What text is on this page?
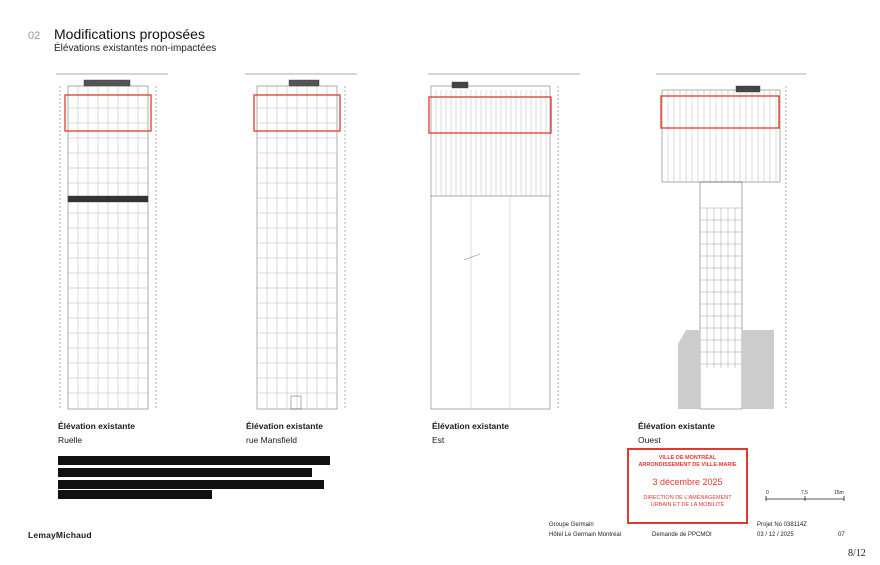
02 Modifications proposées
Élévations existantes non-impactées
Élévation existante
Ruelle
Élévation existante
rue Mansfield
Élévation existante
Est
Élévation existante
Ouest
VILLE DE MONTRÉAL
ARRONDISSEMENT DE VILLE-MARIE
3 décembre 2025
DIRECTION DE L'AMÉNAGEMENT
URBAIN ET DE LA MOBILITÉ
0	7,5	15m
LemayMichaud
Groupe Germain
Hôtel Le Germain Montréal	Demande de PPCMOI
Projet No 038114Z
03 / 12 / 2025	07
8/12
